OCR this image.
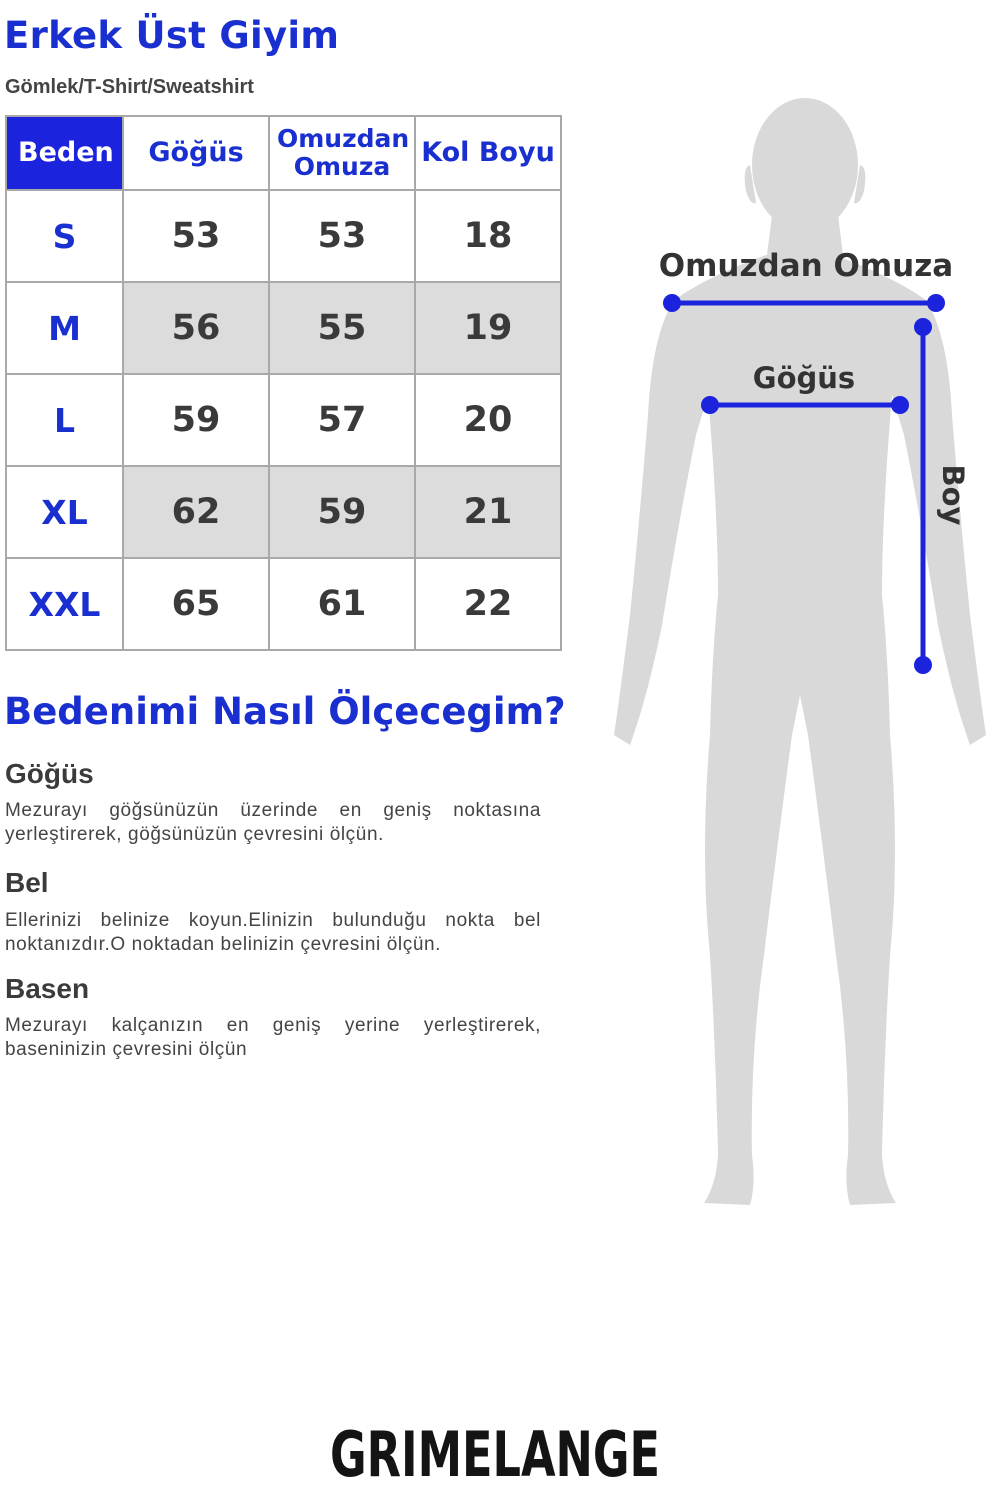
Erkek Üst Giyim
Gömlek/T-Shirt/Sweatshirt
Beden	Göğüs	Omuzdan Omuza	Kol Boyu
S	53	53	18
M	56	55	19
L	59	57	20
XL	62	59	21
XXL	65	61	22
Bedenimi Nasıl Ölçecegim?
Göğüs
Mezurayı göğsünüzün üzerinde en geniş noktasına yerleştirerek, göğsünüzün çevresini ölçün.
Bel
Ellerinizi belinize koyun.Elinizin bulunduğu nokta bel noktanızdır.O noktadan belinizin çevresini ölçün.
Basen
Mezurayı kalçanızın en geniş yerine yerleştirerek, baseninizin çevresini ölçün
Omuzdan Omuza
Göğüs
Boy
GRIMELANGE
